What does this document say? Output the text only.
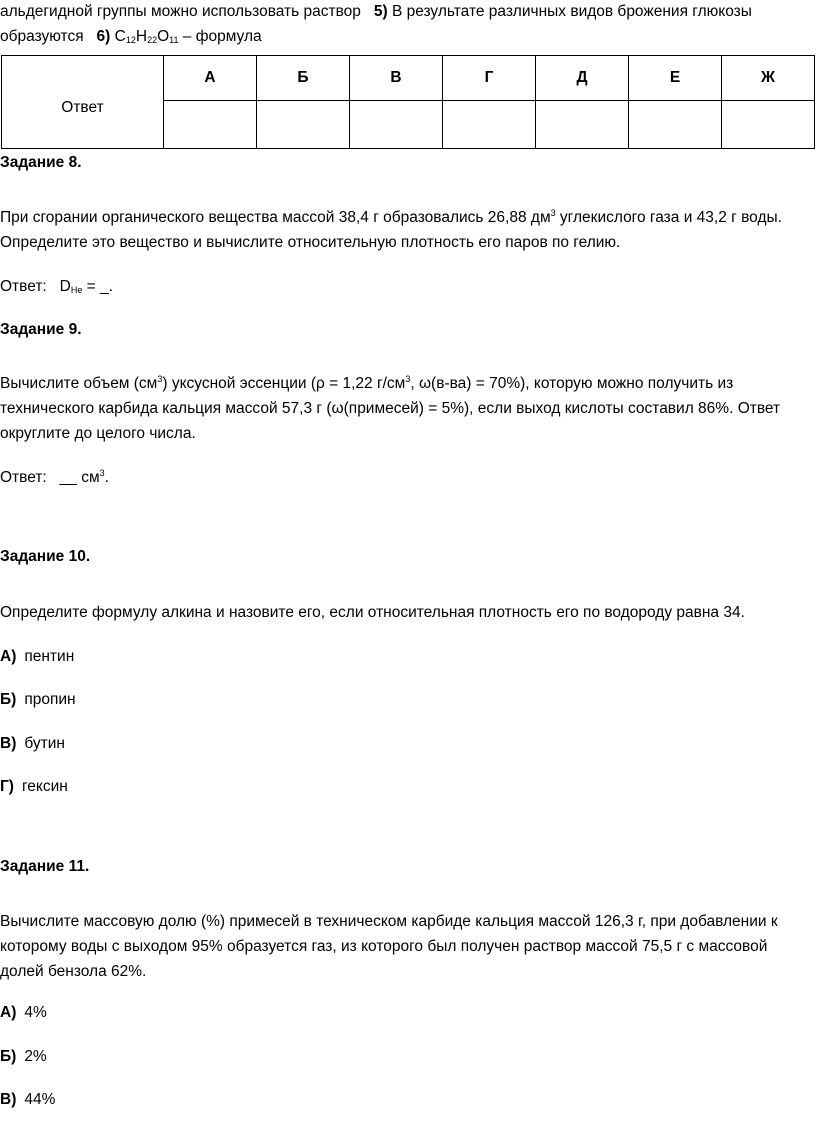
альдегидной группы можно использовать раствор 5) В результате различных видов брожения глюкозы
образуются 6) $C_{12}H_{22}O_{11}$ – формула
Ответ	А	Б	В	Г	Д	Е	Ж

Задание 8.
При сгорании органического вещества массой 38,4 г образовались 26,88 $дм^3$ углекислого газа и 43,2 г воды.
Определите это вещество и вычислите относительную плотность его паров по гелию.
Ответ: $D_{He}$ = _.
Задание 9.
Вычислите объем $(см^3)$ уксусной эссенции (ρ = 1,22 $г/см^3$, ω(в-ва) = 70%), которую можно получить из
технического карбида кальция массой 57,3 г (ω(примесей) = 5%), если выход кислоты составил 86%. Ответ
округлите до целого числа.
Ответ: __ $см^3$.
Задание 10.
Определите формулу алкина и назовите его, если относительная плотность его по водороду равна 34.
А) пентин
Б) пропин
В) бутин
Г) гексин
Задание 11.
Вычислите массовую долю (%) примесей в техническом карбиде кальция массой 126,3 г, при добавлении к
которому воды с выходом 95% образуется газ, из которого был получен раствор массой 75,5 г с массовой
долей бензола 62%.
А) 4%
Б) 2%
В) 44%
